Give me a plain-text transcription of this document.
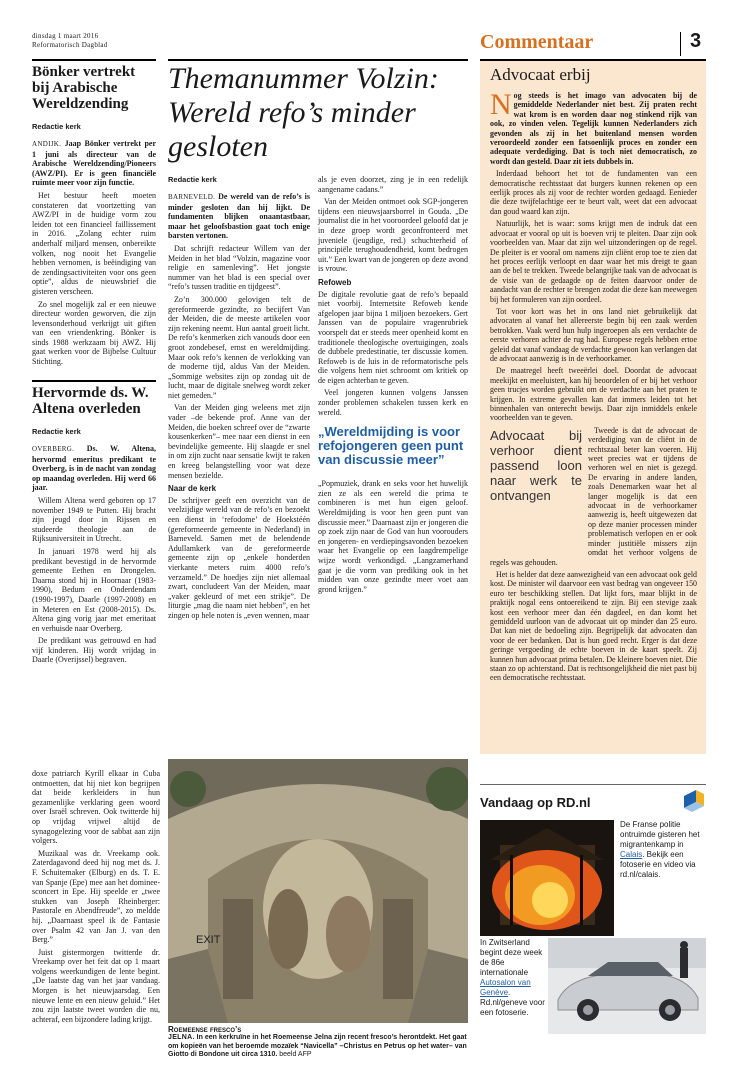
dinsdag 1 maart 2016
Reformatorisch Dagblad	Commentaar	3
Bönker vertrekt bij Arabische Wereldzending
Redactie kerk

ANDIJK. Jaap Bönker vertrekt per 1 juni als directeur van de Arabische Wereldzending/Pioneers (AWZ/PI). Er is geen financiële ruimte meer voor zijn functie.

Het bestuur heeft moeten constateren dat voortzetting van AWZ/PI in de huidige vorm zou leiden tot een financieel faillissement in 2016. „Zolang echter ruim anderhalf miljard mensen, onbereikte volken, nog nooit het Evangelie hebben vernomen, is beëindiging van de zendingsactiviteiten voor ons geen optie”, aldus de nieuwsbrief die gisteren verscheen.

Zo snel mogelijk zal er een nieuwe directeur worden geworven, die zijn levensonderhoud verkrijgt uit giften van een vriendenkring. Bönker is sinds 1988 werkzaam bij AWZ. Hij gaat werken voor de Bijbelse Cultuur Stichting.

Hervormde ds. W. Altena overleden
Redactie kerk

OVERBERG. Ds. W. Altena, hervormd emeritus predikant te Overberg, is in de nacht van zondag op maandag overleden. Hij werd 66 jaar.

Willem Altena werd geboren op 17 november 1949 te Putten. Hij bracht zijn jeugd door in Rijssen en studeerde theologie aan de Rijksuniversiteit in Utrecht.

In januari 1978 werd hij als predikant bevestigd in de hervormde gemeente Eethen en Drongelen. Daarna stond hij in Hoornaar (1983-1990), Bedum en Onderdendam (1990-1997), Daarle (1997-2008) en in Meteren en Est (2008-2015). Ds. Altena ging vorig jaar met emeritaat en verhuisde naar Overberg.

De predikant was getrouwd en had vijf kinderen. Hij wordt vrijdag in Daarle (Overijssel) begraven.

Themanummer Volzin: Wereld refo’s minder gesloten
Redactie kerk

BARNEVELD. De wereld van de refo’s is minder gesloten dan hij lijkt. De fundamenten blijken onaantastbaar, maar het geloofsbastion gaat toch enige barsten vertonen.

Dat schrijft redacteur Willem van der Meiden in het blad “Volzin, magazine voor religie en samenleving”. Het jongste nummer van het blad is een special over “refo’s tussen traditie en tijdgeest”.

Zo’n 300.000 gelovigen telt de gereformeerde gezindte, zo becijfert Van der Meiden, die de meeste artikelen voor zijn rekening neemt. Hun aantal groeit licht. De refo’s kenmerken zich vanouds door een groot zondebesef, ernst en wereldmijding. Maar ook refo’s kennen de verlokking van de moderne tijd, aldus Van der Meiden. „Sommige websites zijn op zondag uit de lucht, maar de digitale snelweg wordt zeker niet gemeden.”

Van der Meiden ging weleens met zijn vader –de bekende prof. Anne van der Meiden, die boeken schreef over de “zwarte kousenkerken”– mee naar een dienst in een bevindelijke gemeente. Hij slaagde er snel in om zijn zucht naar sensatie kwijt te raken en kreeg belangstelling voor wat deze mensen bezielde.

Naar de kerk

De schrijver geeft een overzicht van de veelzijdige wereld van de refo’s en bezoekt een dienst in ‘refodome’ de Hoekstéén (gereformeerde gemeente in Nederland) in Barneveld. Samen met de belendende Adullamkerk van de gereformeerde gemeente zijn op „enkele honderden vierkante meters ruim 4000 refo’s verzameld.” De hoedjes zijn niet allemaal zwart, concludeert Van der Meiden, maar „vaker gekleurd of met een strikje”. De liturgie „mag die naam niet hebben”, en het zingen op hele noten is „even wennen, maar

als je even doorzet, zing je in een redelijk aangename cadans.”

Van der Meiden ontmoet ook SGP-jongeren tijdens een nieuwsjaarsborrel in Gouda. „De journalist die in het vooroordeel geloofd dat je in deze groep wordt geconfronteerd met juveniele (jeugdige, red.) schuchterheid of principiële terughoudendheid, komt bedrogen uit.” Een kwart van de jongeren op deze avond is vrouw.

Refoweb

De digitale revolutie gaat de refo’s bepaald niet voorbij. Internetsite Refoweb kende afgelopen jaar bijna 1 miljoen bezoekers. Gert Janssen van de populaire vragenrubriek voorspelt dat er steeds meer openheid komt en traditionele theologische overtuigingen, zoals de dubbele predestinatie, ter discussie komen. Refoweb is de luis in de reformatorische pels die volgens hem niet schroomt om kritiek op de eigen achterban te geven.

Veel jongeren kunnen volgens Janssen zonder problemen schakelen tussen kerk en wereld.

„Wereldmijding is voor refojongeren geen punt van discussie meer”

„Popmuziek, drank en seks voor het huwelijk zien ze als een wereld die prima te combineren is met hun eigen geloof. Wereldmijding is voor hen geen punt van discussie meer.” Daarnaast zijn er jongeren die op zoek zijn naar de God van hun voorouders en jongeren- en verdiepingsavonden bezoeken waar het Evangelie op een laagdrempelige wijze wordt verkondigd. „Langzamerhand gaat je die vorm van prediking ook in het midden van onze gezindte meer voet aan grond krijgen.”

Advocaat erbij

Nog steeds is het imago van advocaten bij de gemiddelde Nederlander niet best. Zij praten recht wat krom is en worden daar nog stinkend rijk van ook, zo vinden velen. Tegelijk kunnen Nederlanders zich gevonden als zij in het buitenland mensen worden veroordeeld zonder een fatsoenlijk proces en zonder een adequate verdediging. Dat is toch niet democratisch, zo wordt dan gesteld. Daar zit iets dubbels in.

Inderdaad behoort het tot de fundamenten van een democratische rechtsstaat dat burgers kunnen rekenen op een eerlijk proces als zij voor de rechter worden gedaagd. Eenieder die deze twijfelachtige eer te beurt valt, weet dat een advocaat dan goud waard kan zijn.

Natuurlijk, het is waar: soms krijgt men de indruk dat een advocaat er vooral op uit is boeven vrij te pleiten. Daar zijn ook voorbeelden van. Maar dat zijn wel uitzonderingen op de regel. De pleiter is er vooral om namens zijn cliënt erop toe te zien dat het proces eerlijk verloopt en daar waar het mis dreigt te gaan aan de bel te trekken. Tweede belangrijke taak van de advocaat is de visie van de gedaagde op de feiten daarvoor onder de aandacht van de rechter te brengen zodat die deze kan meewegen bij het formuleren van zijn oordeel.

Tot voor kort was het in ons land niet gebruikelijk dat advocaten al vanaf het allereerste begin bij een zaak werden betrokken. Vaak werd hun hulp ingeroepen als een verdachte de eerste verhoren achter de rug had. Europese regels hebben ertoe geleid dat vanaf vandaag de verdachte gewoon kan verlangen dat de advocaat aanwezig is in de verhoorkamer.

De maatregel heeft tweeërlei doel. Doordat de advocaat meekijkt en meeluistert, kan hij beoordelen of er bij het verhoor geen trucjes worden gebruikt om de verdachte aan het praten te krijgen. In extreme gevallen kan dat immers leiden tot het binnenhalen van onterecht bewijs. Daar zijn inmiddels enkele voorbeelden van te geven.

Advocaat bij verhoor dient passend loon naar werk te ontvangen

Tweede is dat de advocaat de verdediging van de cliënt in de rechtszaal beter kan voeren. Hij weet precies wat er tijdens de verhoren wel en niet is gezegd. De ervaring in andere landen, zoals Denemarken waar het al langer mogelijk is dat een advocaat in de verhoorkamer aanwezig is, heeft uitgewezen dat op deze manier processen minder problematisch verlopen en er ook minder justitiële missers zijn omdat het verhoor volgens de regels was gehouden.

Het is helder dat deze aanwezigheid van een advocaat ook geld kost. De minister wil daarvoor een vast bedrag van ongeveer 150 euro ter beschikking stellen. Dat lijkt fors, maar blijkt in de praktijk nogal eens ontoereikend te zijn. Bij een stevige zaak kost een verhoor meer dan één dagdeel, en dan komt het gemiddeld uurloon van de advocaat uit op minder dan 25 euro. Dat kan niet de bedoeling zijn. Begrijpelijk dat advocaten dan voor de eer bedanken. Dat is hun goed recht. Erger is dat deze geringe vergoeding de echte boeven in de kaart speelt. Zij kunnen hun advocaat prima betalen. De kleinere boeven niet. Die staan zo op achterstand. Dat is rechtsongelijkheid die niet past bij een democratische rechtsstaat.

doxe patriarch Kyrill elkaar in Cuba ontmoetten, dat hij niet kon begrijpen dat beide kerkleiders in hun gezamenlijke verklaring geen woord over Israël schreven. Ook twitterde hij op vrijdag vrijwel altijd de synagogelezing voor de sabbat aan zijn volgers.

Muzikaal was dr. Vreekamp ook. Zaterdagavond deed hij nog met ds. J. F. Schuitemaker (Elburg) en ds. T. E. van Spanje (Epe) mee aan het domineesconcert in Epe. Hij speelde er „twee stukken van Joseph Rheinberger: Pastorale en Abendfreude”, zo meldde hij. „Daarnaast speel ik de Fantasie over Psalm 42 van Jan J. van den Berg.”

Juist gistermorgen twitterde dr. Vreekamp over het feit dat op 1 maart volgens weerkundigen de lente begint. „De laatste dag van het jaar vandaag. Morgen is het nieuwjaarsdag. Een nieuwe lente en een nieuw geluid.” Het zou zijn laatste tweet worden die nu, achteraf, een bijzondere lading krijgt.

EXIT
Roemeense fresco’s
JELNA. In een kerkruïne in het Roemeense Jelna zijn recent fresco’s herontdekt. Het gaat om kopieën van het beroemde mozaïek “Navicella” –Christus en Petrus op het water– van Giotto di Bondone uit circa 1310. beeld AFP
Vandaag op RD.nl
De Franse politie ontruimde gisteren het migrantenkamp in Calais. Bekijk een fotoserie en video via rd.nl/calais.
In Zwitserland begint deze week de 86e internationale Autosalon van Genève. Rd.nl/geneve voor een fotoserie.
